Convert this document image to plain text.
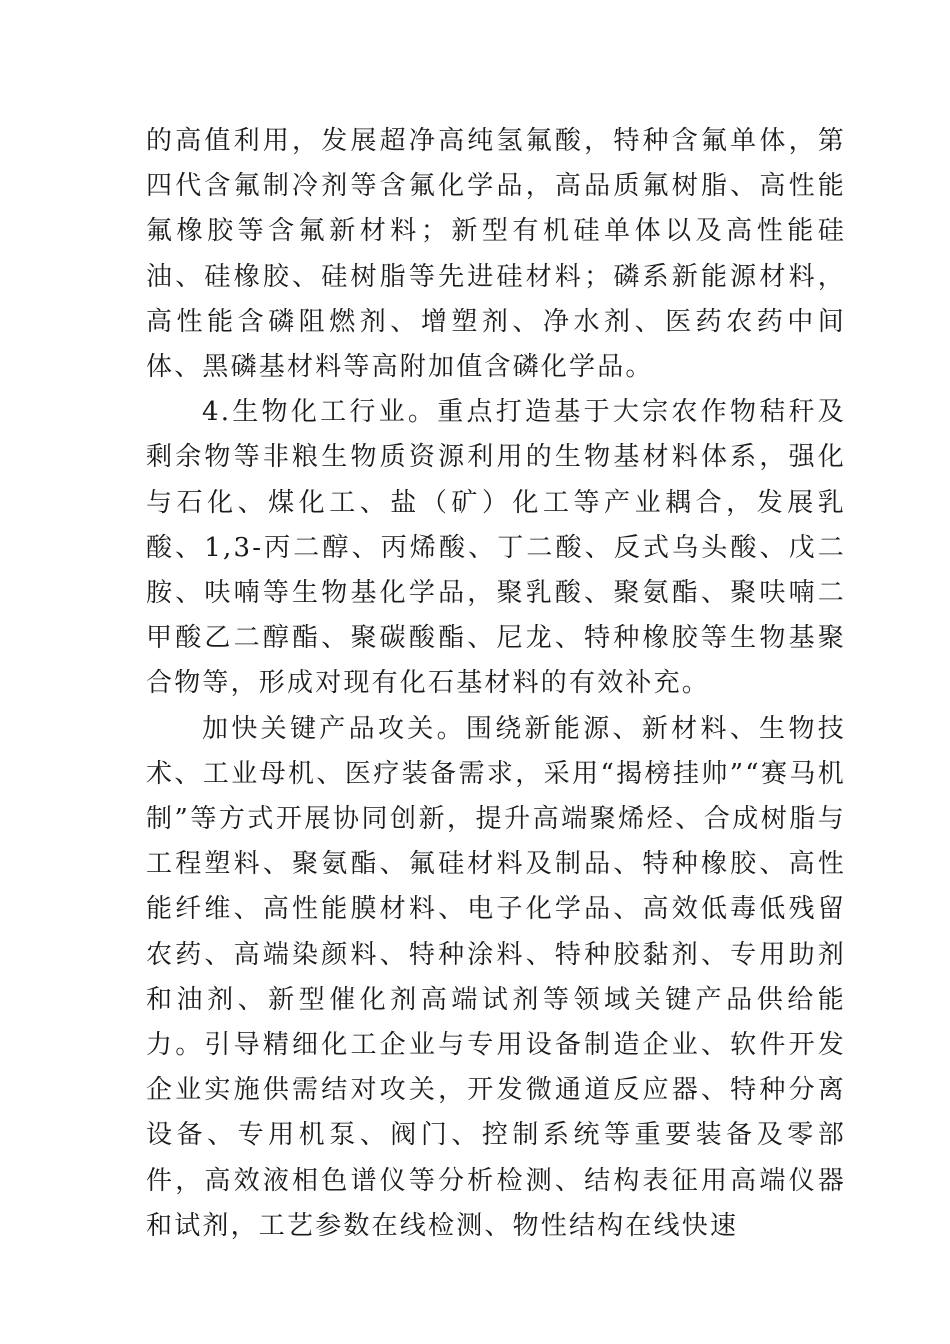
的高值利用，发展超净高纯氢氟酸，特种含氟单体，第四代含氟制冷剂等含氟化学品，高品质氟树脂、高性能氟橡胶等含氟新材料；新型有机硅单体以及高性能硅油、硅橡胶、硅树脂等先进硅材料；磷系新能源材料，高性能含磷阻燃剂、增塑剂、净水剂、医药农药中间体、黑磷基材料等高附加值含磷化学品。

4.生物化工行业。重点打造基于大宗农作物秸秆及剩余物等非粮生物质资源利用的生物基材料体系，强化与石化、煤化工、盐（矿）化工等产业耦合，发展乳酸、1,3-丙二醇、丙烯酸、丁二酸、反式乌头酸、戊二胺、呋喃等生物基化学品，聚乳酸、聚氨酯、聚呋喃二甲酸乙二醇酯、聚碳酸酯、尼龙、特种橡胶等生物基聚合物等，形成对现有化石基材料的有效补充。

加快关键产品攻关。围绕新能源、新材料、生物技术、工业母机、医疗装备需求，采用“揭榜挂帅”“赛马机制”等方式开展协同创新，提升高端聚烯烃、合成树脂与工程塑料、聚氨酯、氟硅材料及制品、特种橡胶、高性能纤维、高性能膜材料、电子化学品、高效低毒低残留农药、高端染颜料、特种涂料、特种胶黏剂、专用助剂和油剂、新型催化剂高端试剂等领域关键产品供给能力。引导精细化工企业与专用设备制造企业、软件开发企业实施供需结对攻关，开发微通道反应器、特种分离设备、专用机泵、阀门、控制系统等重要装备及零部件，高效液相色谱仪等分析检测、结构表征用高端仪器和试剂，工艺参数在线检测、物性结构在线快速
